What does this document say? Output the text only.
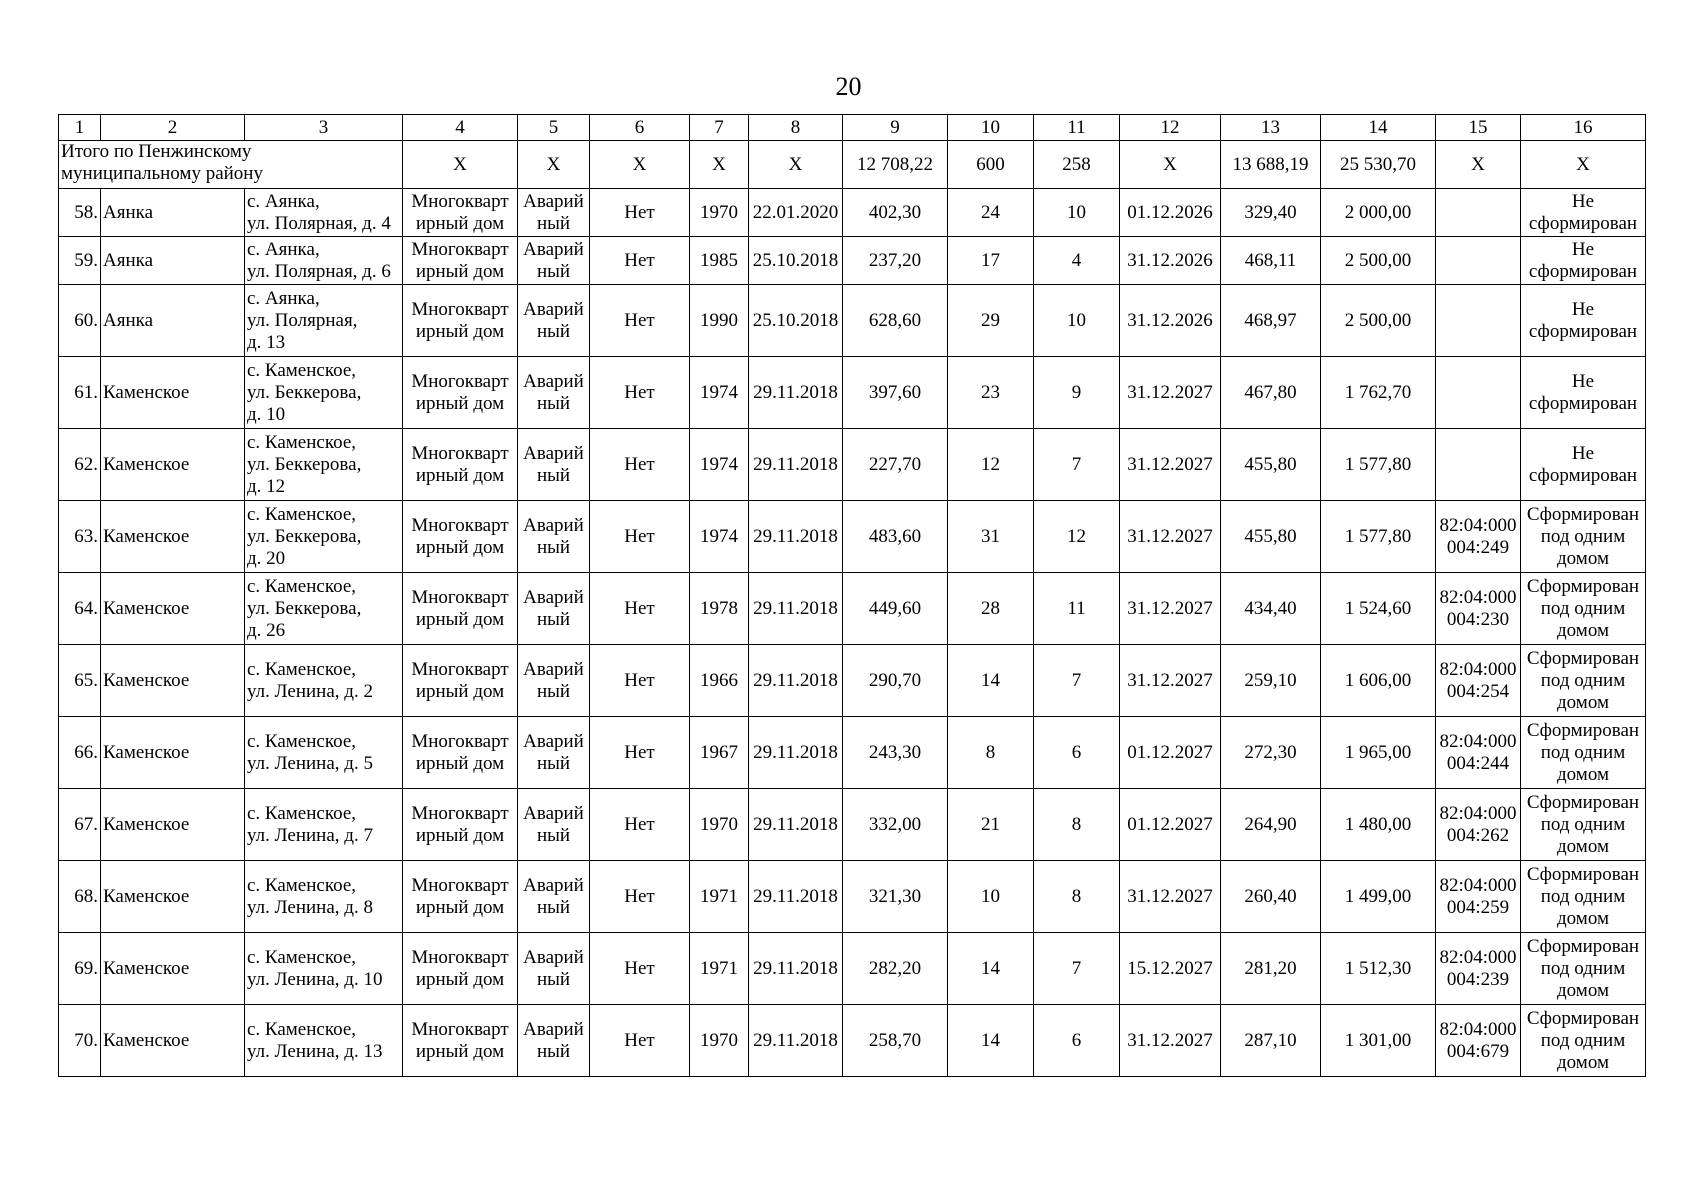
20
1	2	3	4	5	6	7	8	9	10	11	12	13	14	15	16
Итого по Пенжинскому
муниципальному району			X	X	X	X	X	12 708,22	600	258	X	13 688,19	25 530,70	X	X
58.	Аянка	с. Аянка,
ул. Полярная, д. 4	Многокварт
ирный дом	Аварий
ный	Нет	1970	22.01.2020	402,30	24	10	01.12.2026	329,40	2 000,00		Не
сформирован
59.	Аянка	с. Аянка,
ул. Полярная, д. 6	Многокварт
ирный дом	Аварий
ный	Нет	1985	25.10.2018	237,20	17	4	31.12.2026	468,11	2 500,00		Не
сформирован
60.	Аянка	с. Аянка,
ул. Полярная,
д. 13	Многокварт
ирный дом	Аварий
ный	Нет	1990	25.10.2018	628,60	29	10	31.12.2026	468,97	2 500,00		Не
сформирован
61.	Каменское	с. Каменское,
ул. Беккерова,
д. 10	Многокварт
ирный дом	Аварий
ный	Нет	1974	29.11.2018	397,60	23	9	31.12.2027	467,80	1 762,70		Не
сформирован
62.	Каменское	с. Каменское,
ул. Беккерова,
д. 12	Многокварт
ирный дом	Аварий
ный	Нет	1974	29.11.2018	227,70	12	7	31.12.2027	455,80	1 577,80		Не
сформирован
63.	Каменское	с. Каменское,
ул. Беккерова,
д. 20	Многокварт
ирный дом	Аварий
ный	Нет	1974	29.11.2018	483,60	31	12	31.12.2027	455,80	1 577,80	82:04:000
004:249	Сформирован
под одним
домом
64.	Каменское	с. Каменское,
ул. Беккерова,
д. 26	Многокварт
ирный дом	Аварий
ный	Нет	1978	29.11.2018	449,60	28	11	31.12.2027	434,40	1 524,60	82:04:000
004:230	Сформирован
под одним
домом
65.	Каменское	с. Каменское,
ул. Ленина, д. 2	Многокварт
ирный дом	Аварий
ный	Нет	1966	29.11.2018	290,70	14	7	31.12.2027	259,10	1 606,00	82:04:000
004:254	Сформирован
под одним
домом
66.	Каменское	с. Каменское,
ул. Ленина, д. 5	Многокварт
ирный дом	Аварий
ный	Нет	1967	29.11.2018	243,30	8	6	01.12.2027	272,30	1 965,00	82:04:000
004:244	Сформирован
под одним
домом
67.	Каменское	с. Каменское,
ул. Ленина, д. 7	Многокварт
ирный дом	Аварий
ный	Нет	1970	29.11.2018	332,00	21	8	01.12.2027	264,90	1 480,00	82:04:000
004:262	Сформирован
под одним
домом
68.	Каменское	с. Каменское,
ул. Ленина, д. 8	Многокварт
ирный дом	Аварий
ный	Нет	1971	29.11.2018	321,30	10	8	31.12.2027	260,40	1 499,00	82:04:000
004:259	Сформирован
под одним
домом
69.	Каменское	с. Каменское,
ул. Ленина, д. 10	Многокварт
ирный дом	Аварий
ный	Нет	1971	29.11.2018	282,20	14	7	15.12.2027	281,20	1 512,30	82:04:000
004:239	Сформирован
под одним
домом
70.	Каменское	с. Каменское,
ул. Ленина, д. 13	Многокварт
ирный дом	Аварий
ный	Нет	1970	29.11.2018	258,70	14	6	31.12.2027	287,10	1 301,00	82:04:000
004:679	Сформирован
под одним
домом
